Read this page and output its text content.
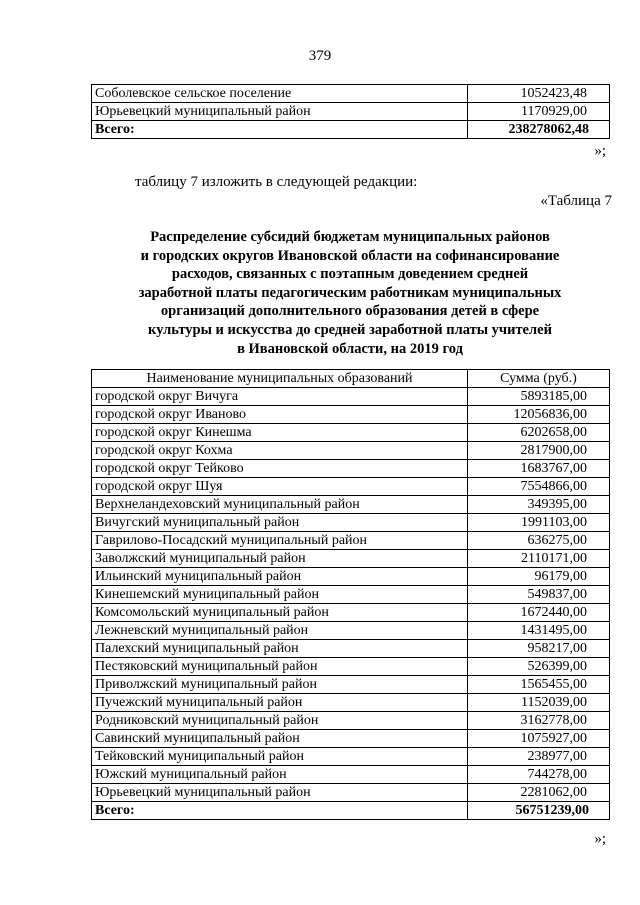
379
Соболевское сельское поселение	1052423,48
Юрьевецкий муниципальный район	1170929,00
Всего:	238278062,48
»;
таблицу 7 изложить в следующей редакции:
«Таблица 7
Распределение субсидий бюджетам муниципальных районов
и городских округов Ивановской области на софинансирование
расходов, связанных с поэтапным доведением средней
заработной платы педагогическим работникам муниципальных
организаций дополнительного образования детей в сфере
культуры и искусства до средней заработной платы учителей
в Ивановской области, на 2019 год
Наименование муниципальных образований	Сумма (руб.)
городской округ Вичуга	5893185,00
городской округ Иваново	12056836,00
городской округ Кинешма	6202658,00
городской округ Кохма	2817900,00
городской округ Тейково	1683767,00
городской округ Шуя	7554866,00
Верхнеландеховский муниципальный район	349395,00
Вичугский муниципальный район	1991103,00
Гаврилово-Посадский муниципальный район	636275,00
Заволжский муниципальный район	2110171,00
Ильинский муниципальный район	96179,00
Кинешемский муниципальный район	549837,00
Комсомольский муниципальный район	1672440,00
Лежневский муниципальный район	1431495,00
Палехский муниципальный район	958217,00
Пестяковский муниципальный район	526399,00
Приволжский муниципальный район	1565455,00
Пучежский муниципальный район	1152039,00
Родниковский муниципальный район	3162778,00
Савинский муниципальный район	1075927,00
Тейковский муниципальный район	238977,00
Южский муниципальный район	744278,00
Юрьевецкий муниципальный район	2281062,00
Всего:	56751239,00
»;
